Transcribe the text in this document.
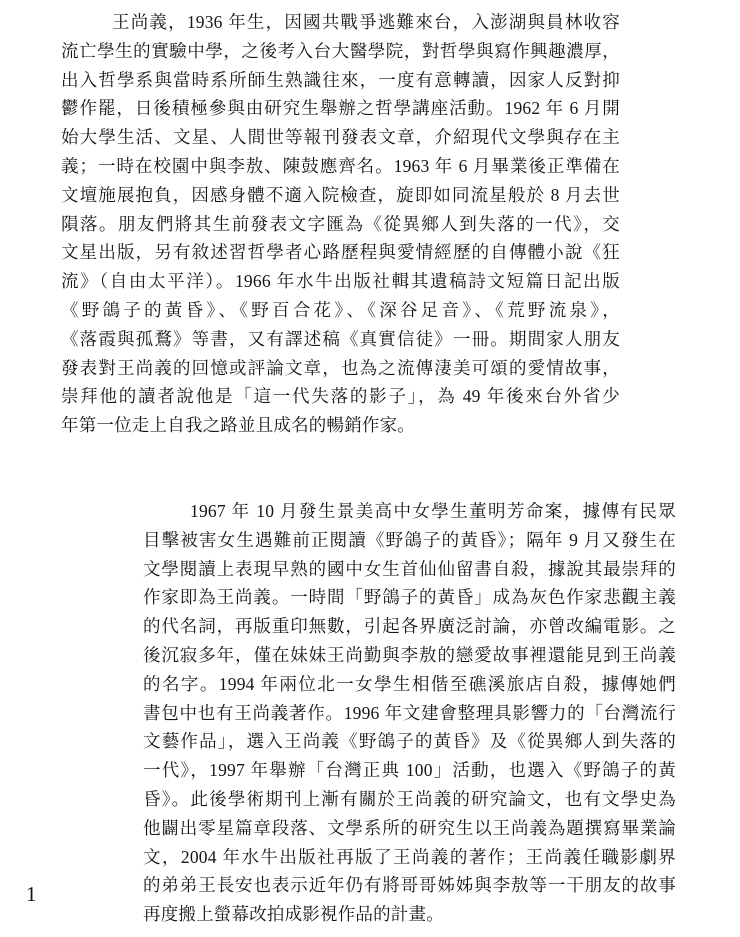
王尚義，1936 年生，因國共戰爭逃難來台，入澎湖與員林收容
流亡學生的實驗中學，之後考入台大醫學院，對哲學與寫作興趣濃厚，
出入哲學系與當時系所師生熟識往來，一度有意轉讀，因家人反對抑
鬱作罷，日後積極參與由研究生舉辦之哲學講座活動。1962 年 6 月開
始大學生活、文星、人間世等報刊發表文章，介紹現代文學與存在主
義；一時在校園中與李敖、陳鼓應齊名。1963 年 6 月畢業後正準備在
文壇施展抱負，因感身體不適入院檢查，旋即如同流星般於 8 月去世
隕落。朋友們將其生前發表文字匯為《從異鄉人到失落的一代》，交
文星出版，另有敘述習哲學者心路歷程與愛情經歷的自傳體小說《狂
流》（自由太平洋）。1966 年水牛出版社輯其遺稿詩文短篇日記出版
《野鴿子的黃昏》、《野百合花》、《深谷足音》、《荒野流泉》，
《落霞與孤鶩》等書，又有譯述稿《真實信徒》一冊。期間家人朋友
發表對王尚義的回憶或評論文章，也為之流傳淒美可頌的愛情故事，
崇拜他的讀者說他是「這一代失落的影子」，為 49 年後來台外省少
年第一位走上自我之路並且成名的暢銷作家。
1967 年 10 月發生景美高中女學生董明芳命案，據傳有民眾
目擊被害女生遇難前正閱讀《野鴿子的黃昏》；隔年 9 月又發生在
文學閱讀上表現早熟的國中女生首仙仙留書自殺，據說其最崇拜的
作家即為王尚義。一時間「野鴿子的黃昏」成為灰色作家悲觀主義
的代名詞，再版重印無數，引起各界廣泛討論，亦曾改編電影。之
後沉寂多年，僅在妹妹王尚勤與李敖的戀愛故事裡還能見到王尚義
的名字。1994 年兩位北一女學生相偕至礁溪旅店自殺，據傳她們
書包中也有王尚義著作。1996 年文建會整理具影響力的「台灣流行
文藝作品」，選入王尚義《野鴿子的黃昏》及《從異鄉人到失落的
一代》，1997 年舉辦「台灣正典 100」活動，也選入《野鴿子的黃
昏》。此後學術期刊上漸有關於王尚義的研究論文，也有文學史為
他闢出零星篇章段落、文學系所的研究生以王尚義為題撰寫畢業論
文，2004 年水牛出版社再版了王尚義的著作；王尚義任職影劇界
的弟弟王長安也表示近年仍有將哥哥姊姊與李敖等一干朋友的故事
再度搬上螢幕改拍成影視作品的計畫。
1
